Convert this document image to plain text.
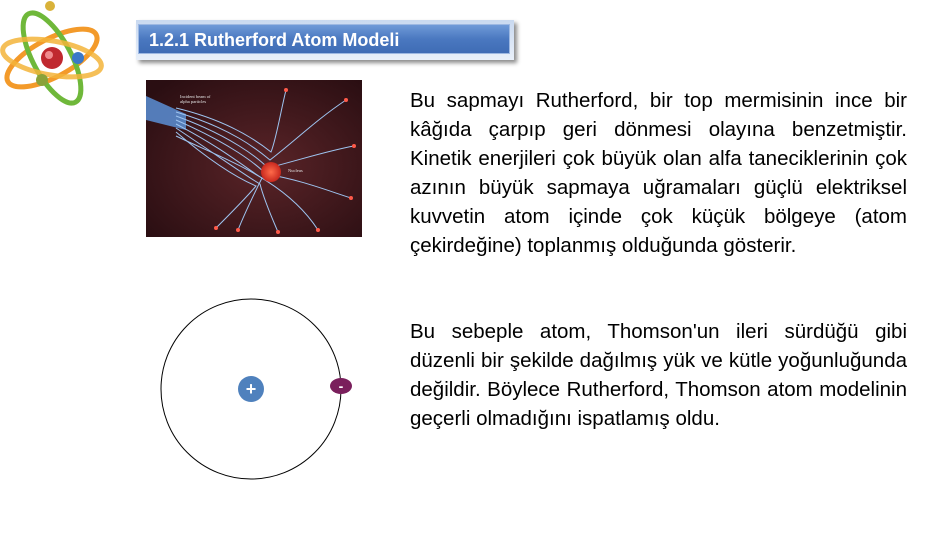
1.2.1 Rutherford Atom Modeli
Incident beam of
alpha particles
Nucleus

Bu sapmayı Rutherford, bir top mermisinin ince bir kâğıda çarpıp geri dönmesi olayına benzetmiştir. Kinetik enerjileri çok büyük olan alfa taneciklerinin çok azının büyük sapmaya uğramaları güçlü elektriksel kuvvetin atom içinde çok küçük bölgeye (atom çekirdeğine) toplanmış olduğunda gösterir.

Bu sebeple atom, Thomson'un ileri sürdüğü gibi düzenli bir şekilde dağılmış yük ve kütle yoğunluğunda değildir. Böylece Rutherford, Thomson atom modelinin geçerli olmadığını ispatlamış oldu.

+	-
